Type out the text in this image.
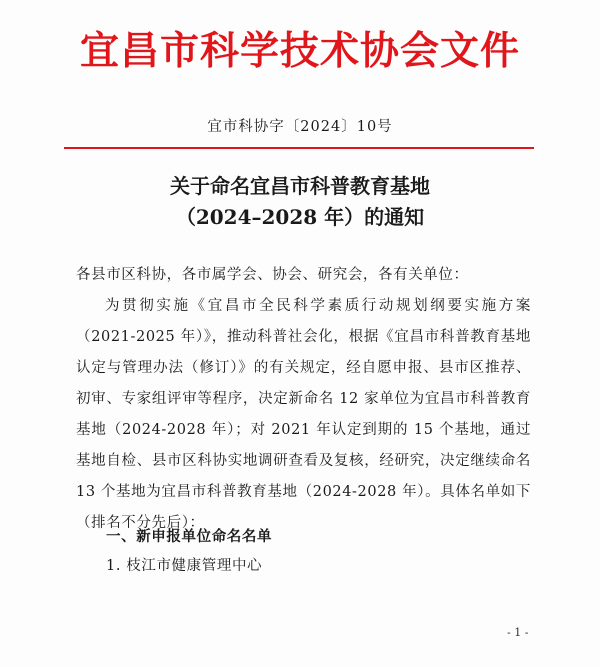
宜昌市科学技术协会文件
宜市科协字〔2024〕10号
关于命名宜昌市科普教育基地
（2024–2028 年）的通知
各县市区科协，各市属学会、协会、研究会，各有关单位：
为贯彻实施《宜昌市全民科学素质行动规划纲要实施方案（2021-2025 年）》，推动科普社会化，根据《宜昌市科普教育基地认定与管理办法（修订）》的有关规定，经自愿申报、县市区推荐、初审、专家组评审等程序，决定新命名 12 家单位为宜昌市科普教育基地（2024-2028 年）；对 2021 年认定到期的 15 个基地，通过基地自检、县市区科协实地调研查看及复核，经研究，决定继续命名 13 个基地为宜昌市科普教育基地（2024-2028 年）。具体名单如下（排名不分先后）：
一、新申报单位命名名单
1. 枝江市健康管理中心
- 1 -
